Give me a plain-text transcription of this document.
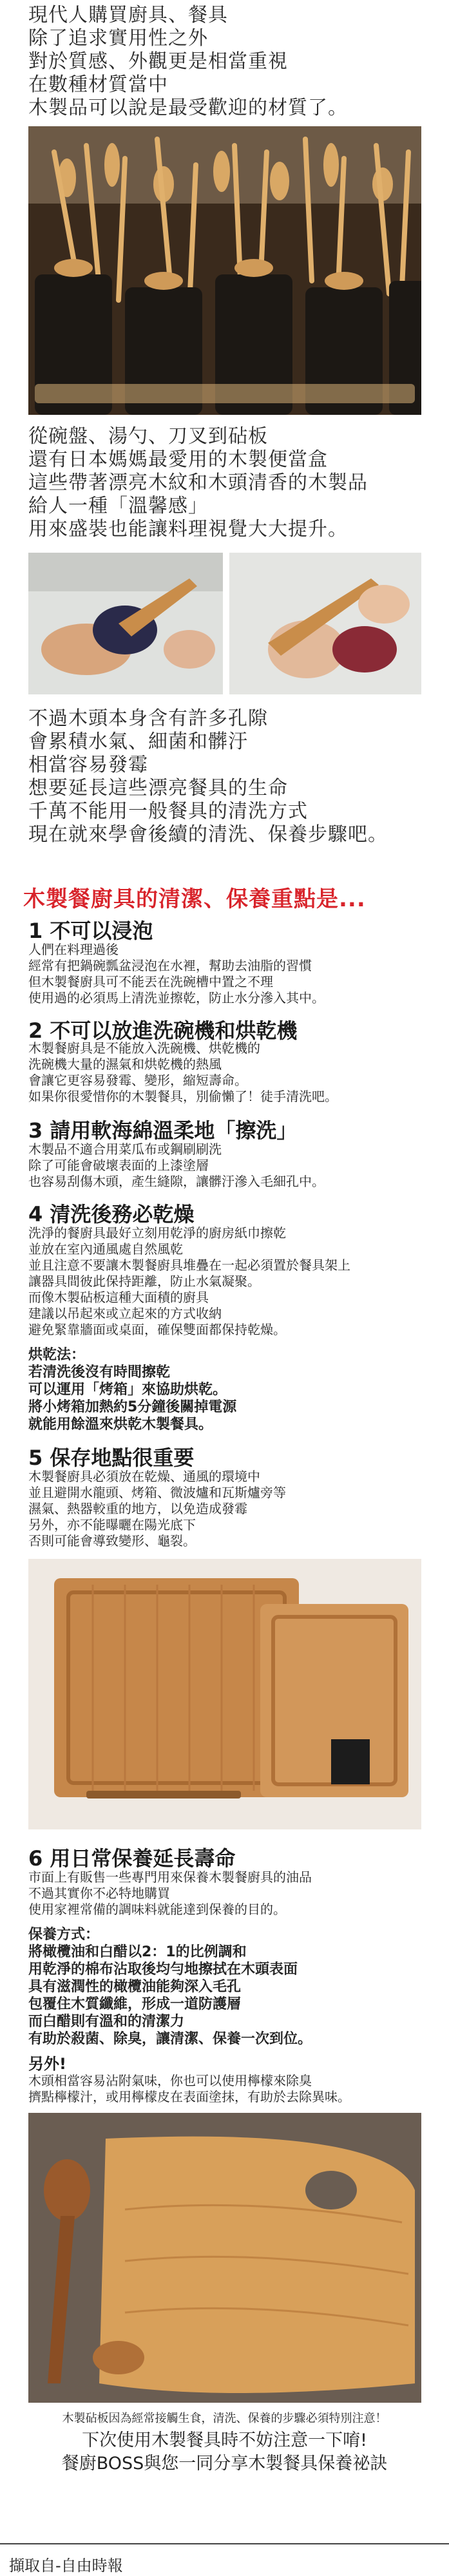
現代人購買廚具、餐具
除了追求實用性之外
對於質感、外觀更是相當重視
在數種材質當中
木製品可以說是最受歡迎的材質了。
從碗盤、湯勺、刀叉到砧板
還有日本媽媽最愛用的木製便當盒
這些帶著漂亮木紋和木頭清香的木製品
給人一種「溫馨感」
用來盛裝也能讓料理視覺大大提升。
不過木頭本身含有許多孔隙
會累積水氣、細菌和髒汙
相當容易發霉
想要延長這些漂亮餐具的生命
千萬不能用一般餐具的清洗方式
現在就來學會後續的清洗、保養步驟吧。
木製餐廚具的清潔、保養重點是...
1 不可以浸泡
人們在料理過後
經常有把鍋碗瓢盆浸泡在水裡，幫助去油脂的習慣
但木製餐廚具可不能丟在洗碗槽中置之不理
使用過的必須馬上清洗並擦乾，防止水分滲入其中。
2 不可以放進洗碗機和烘乾機
木製餐廚具是不能放入洗碗機、烘乾機的
洗碗機大量的濕氣和烘乾機的熱風
會讓它更容易發霉、變形，縮短壽命。
如果你很愛惜你的木製餐具，別偷懶了！徒手清洗吧。
3 請用軟海綿溫柔地「擦洗」
木製品不適合用菜瓜布或鋼刷刷洗
除了可能會破壞表面的上漆塗層
也容易刮傷木頭，產生縫隙，讓髒汙滲入毛細孔中。
4 清洗後務必乾燥
洗淨的餐廚具最好立刻用乾淨的廚房紙巾擦乾
並放在室內通風處自然風乾
並且注意不要讓木製餐廚具堆疊在一起必須置於餐具架上
讓器具間彼此保持距離，防止水氣凝聚。
而像木製砧板這種大面積的廚具
建議以吊起來或立起來的方式收納
避免緊靠牆面或桌面，確保雙面都保持乾燥。
烘乾法：
若清洗後沒有時間擦乾
可以運用「烤箱」來協助烘乾。
將小烤箱加熱約5分鐘後關掉電源
就能用餘溫來烘乾木製餐具。
5 保存地點很重要
木製餐廚具必須放在乾燥、通風的環境中
並且避開水龍頭、烤箱、微波爐和瓦斯爐旁等
濕氣、熱器較重的地方，以免造成發霉
另外，亦不能曝曬在陽光底下
否則可能會導致變形、龜裂。
6 用日常保養延長壽命
市面上有販售一些專門用來保養木製餐廚具的油品
不過其實你不必特地購買
使用家裡常備的調味料就能達到保養的目的。
保養方式：
將橄欖油和白醋以2：1的比例調和
用乾淨的棉布沾取後均勻地擦拭在木頭表面
具有滋潤性的橄欖油能夠深入毛孔
包覆住木質纖維，形成一道防護層
而白醋則有溫和的清潔力
有助於殺菌、除臭，讓清潔、保養一次到位。
另外!
木頭相當容易沾附氣味，你也可以使用檸檬來除臭
擠點檸檬汁，或用檸檬皮在表面塗抹，有助於去除異味。
木製砧板因為經常接觸生食，清洗、保養的步驟必須特別注意！
下次使用木製餐具時不妨注意一下唷!
餐廚BOSS與您一同分享木製餐具保養祕訣
擷取自-自由時報
